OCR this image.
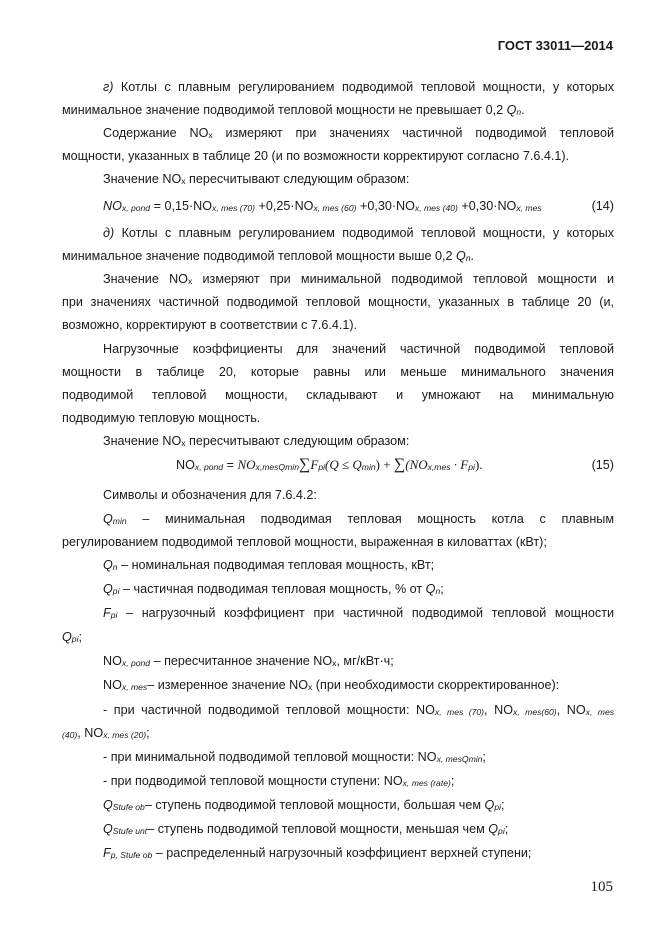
ГОСТ 33011—2014
г) Котлы с плавным регулированием подводимой тепловой мощности, у которых
минимальное значение подводимой тепловой мощности не превышает 0,2 Qn.
Содержание NOx измеряют при значениях частичной подводимой тепловой
мощности, указанных в таблице 20 (и по возможности корректируют согласно 7.6.4.1).
Значение NOx пересчитывают следующим образом:
NOx, pond = 0,15·NOx, mes (70) +0,25·NOx, mes (60) +0,30·NOx, mes (40) +0,30·NOx, mes	(14)
д) Котлы с плавным регулированием подводимой тепловой мощности, у которых
минимальное значение подводимой тепловой мощности выше 0,2 Qn.
Значение NOx измеряют при минимальной подводимой тепловой мощности и
при значениях частичной подводимой тепловой мощности, указанных в таблице 20 (и,
возможно, корректируют в соответствии с 7.6.4.1).
Нагрузочные коэффициенты для значений частичной подводимой тепловой
мощности в таблице 20, которые равны или меньше минимального значения
подводимой тепловой мощности, складывают и умножают на минимальную
подводимую тепловую мощность.
Значение NOx пересчитывают следующим образом:
NOx, pond = NOx,mesQmin∑Fpi(Q ≤ Qmin) + ∑(NOx,mes · Fpi).	(15)
Символы и обозначения для 7.6.4.2:
Qmin – минимальная подводимая тепловая мощность котла с плавным
регулированием подводимой тепловой мощности, выраженная в киловаттах (кВт);
Qn – номинальная подводимая тепловая мощность, кВт;
Qpi – частичная подводимая тепловая мощность, % от Qn;
Fpi – нагрузочный коэффициент при частичной подводимой тепловой мощности
Qpi;
NOx, pond – пересчитанное значение NOx, мг/кВт·ч;
NOx, mes– измеренное значение NOx (при необходимости скорректированное):
- при частичной подводимой тепловой мощности: NOx, mes (70), NOx, mes(60), NOx, mes
(40), NOx, mes (20);
- при минимальной подводимой тепловой мощности: NOx, mesQmin;
- при подводимой тепловой мощности ступени: NOx, mes (rate);
QStufe ob– ступень подводимой тепловой мощности, большая чем Qpi;
QStufe unt– ступень подводимой тепловой мощности, меньшая чем Qpi;
Fp, Stufe ob – распределенный нагрузочный коэффициент верхней ступени;
105
